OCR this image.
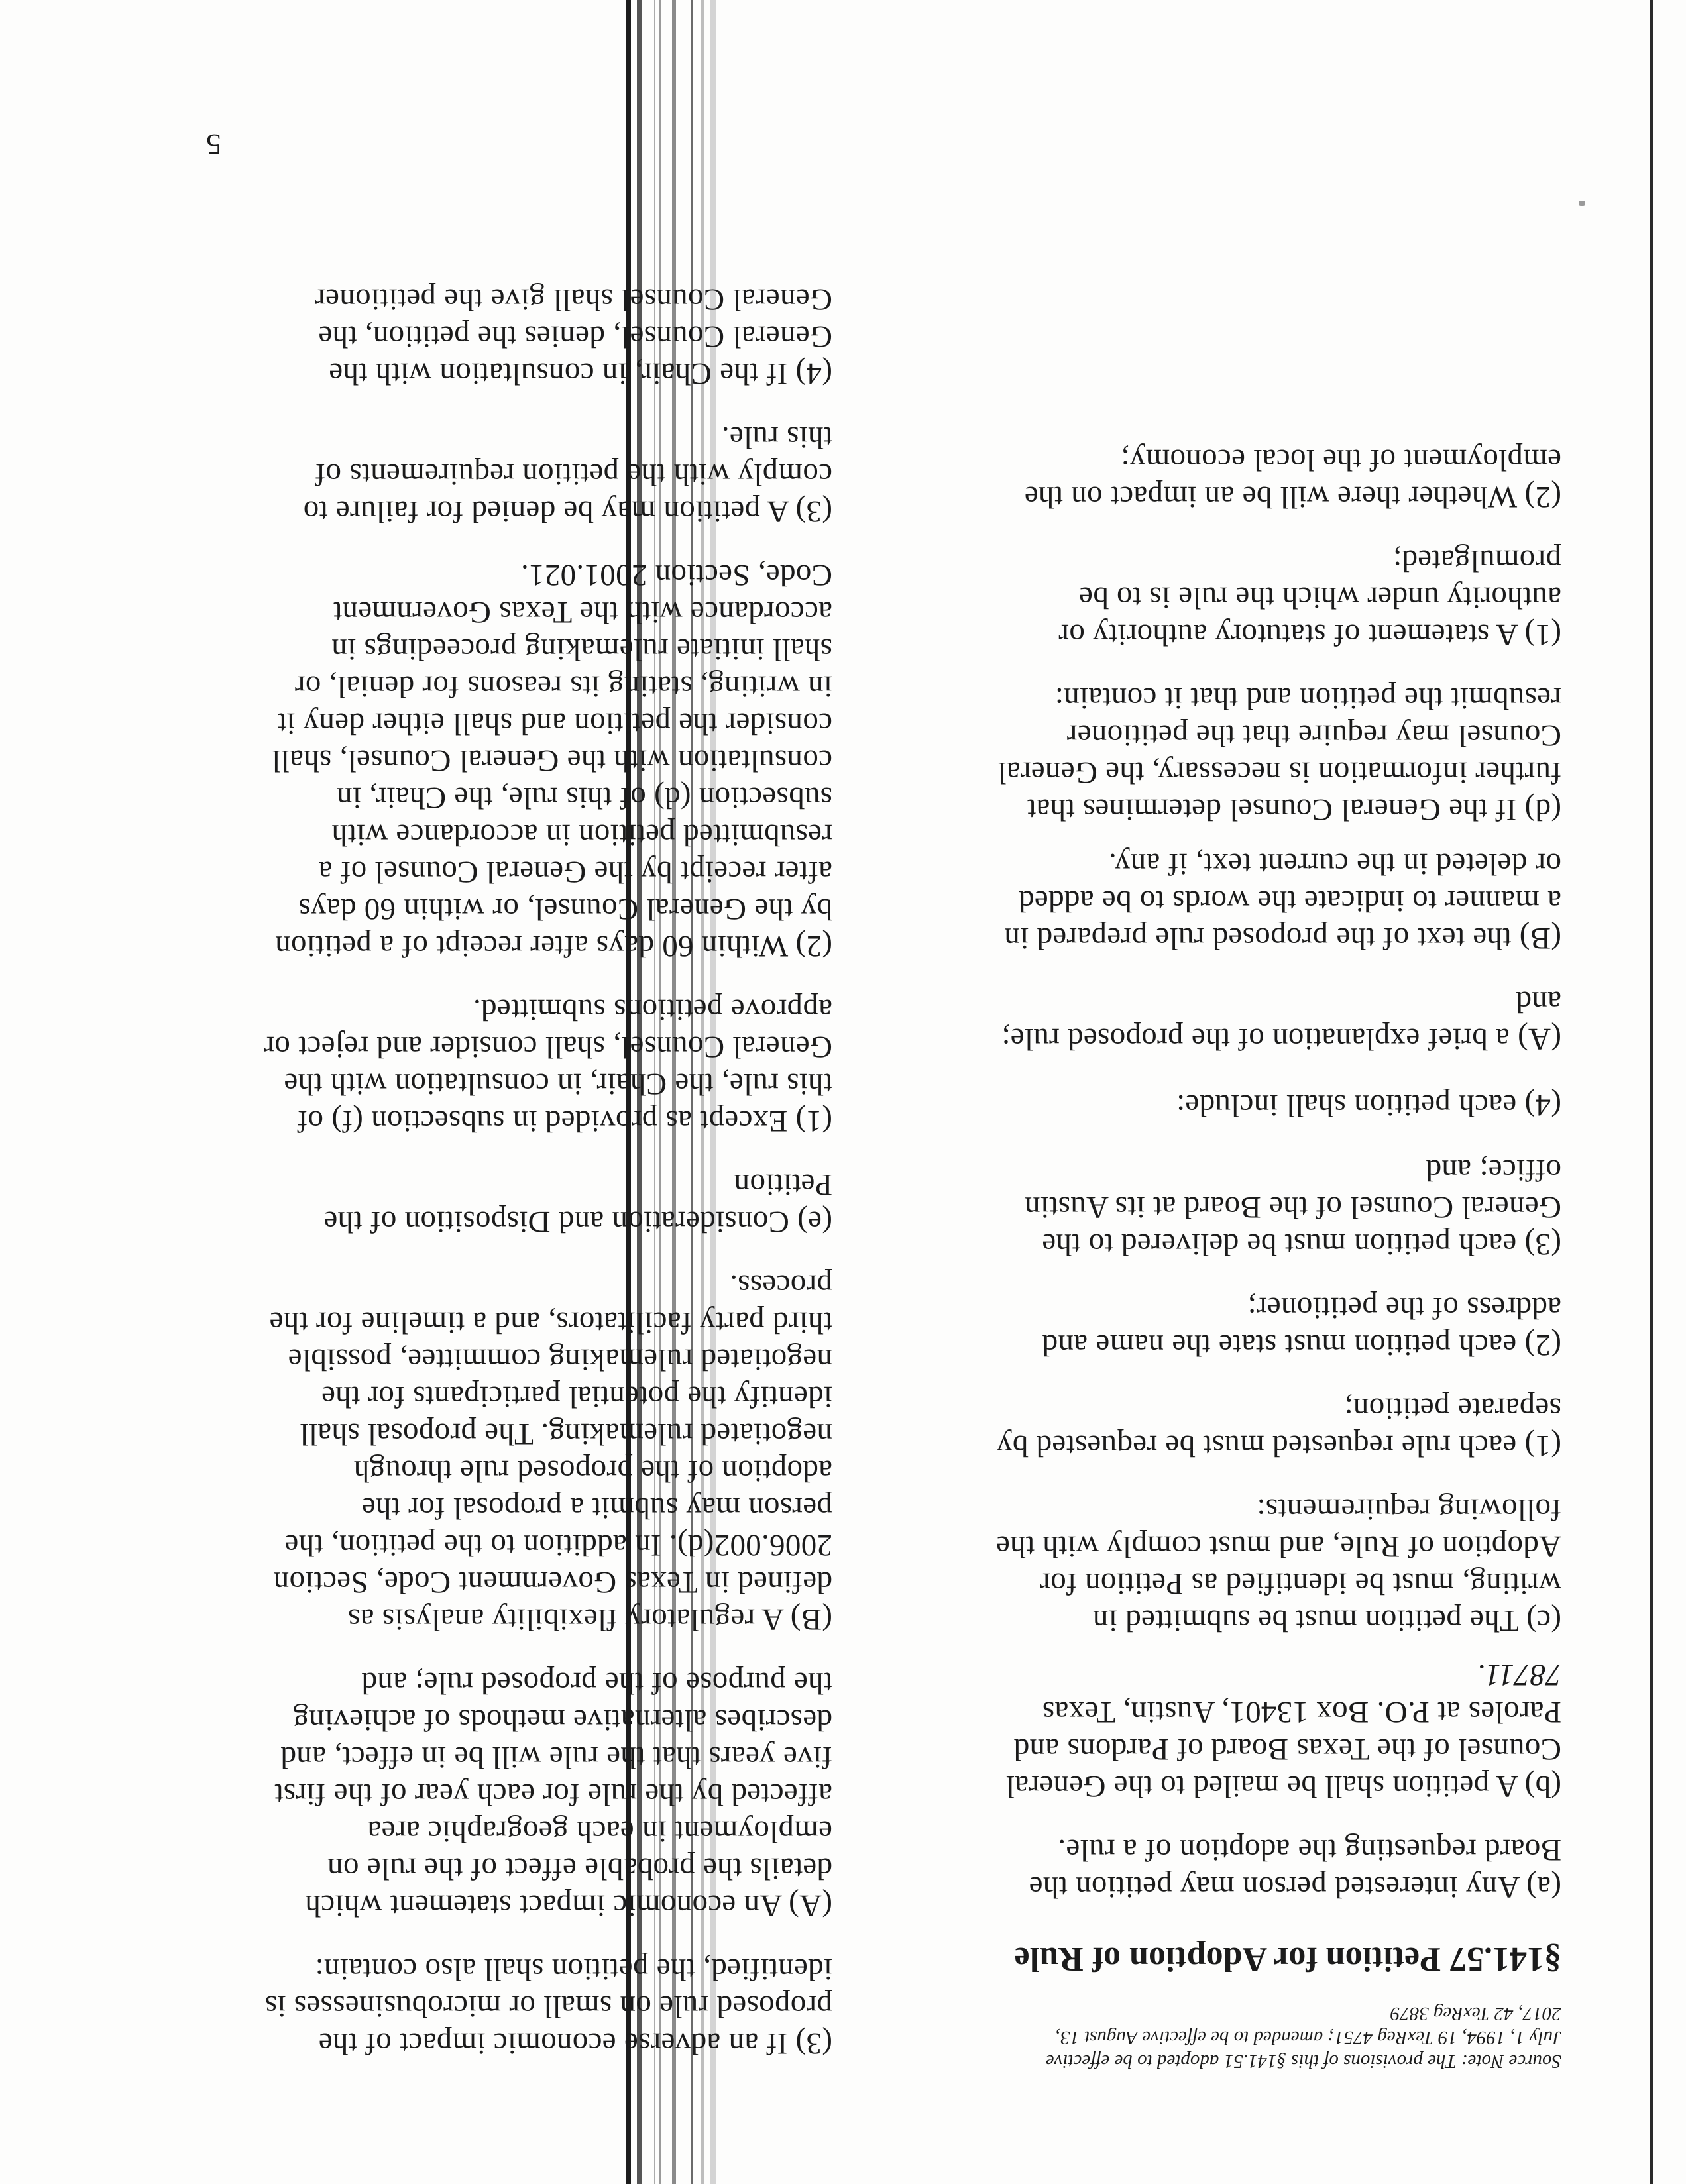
Source Note: The provisions of this §141.51 adopted to be effective
July 1, 1994, 19 TexReg 4751; amended to be effective August 13,
2017, 42 TexReg 3879
§141.57 Petition for Adoption of Rule
(a) Any interested person may petition the
Board requesting the adoption of a rule.
(b) A petition shall be mailed to the General
Counsel of the Texas Board of Pardons and
Paroles at P.O. Box 13401, Austin, Texas
78711.
(c) The petition must be submitted in
writing, must be identified as Petition for
Adoption of Rule, and must comply with the
following requirements:
(1) each rule requested must be requested by
separate petition;
(2) each petition must state the name and
address of the petitioner;
(3) each petition must be delivered to the
General Counsel of the Board at its Austin
office; and
(4) each petition shall include:
(A) a brief explanation of the proposed rule;
and
(B) the text of the proposed rule prepared in
a manner to indicate the words to be added
or deleted in the current text, if any.
(d) If the General Counsel determines that
further information is necessary, the General
Counsel may require that the petitioner
resubmit the petition and that it contain:
(1) A statement of statutory authority or
authority under which the rule is to be
promulgated;
(2) Whether there will be an impact on the
employment of the local economy;
(3) If an adverse economic impact of the
proposed rule on small or microbusinesses is
identified, the petition shall also contain:
(A) An economic impact statement which
details the probable effect of the rule on
employment in each geographic area
affected by the rule for each year of the first
five years that the rule will be in effect, and
describes alternative methods of achieving
the purpose of the proposed rule; and
(B) A regulatory flexibility analysis as
defined in Texas Government Code, Section
2006.002(d). In addition to the petition, the
person may submit a proposal for the
adoption of the proposed rule through
negotiated rulemaking. The proposal shall
identify the potential participants for the
negotiated rulemaking committee, possible
third party facilitators, and a timeline for the
process.
(e) Consideration and Disposition of the
Petition
(1) Except as provided in subsection (f) of
this rule, the Chair, in consultation with the
General Counsel, shall consider and reject or
approve petitions submitted.
(2) Within 60 days after receipt of a petition
by the General Counsel, or within 60 days
after receipt by the General Counsel of a
resubmitted petition in accordance with
subsection (d) of this rule, the Chair, in
consultation with the General Counsel, shall
consider the petition and shall either deny it
in writing, stating its reasons for denial, or
shall initiate rulemaking proceedings in
accordance with the Texas Government
Code, Section 2001.021.
(3) A petition may be denied for failure to
comply with the petition requirements of
this rule.
(4) If the Chair, in consultation with the
General Counsel, denies the petition, the
General Counsel shall give the petitioner
5
